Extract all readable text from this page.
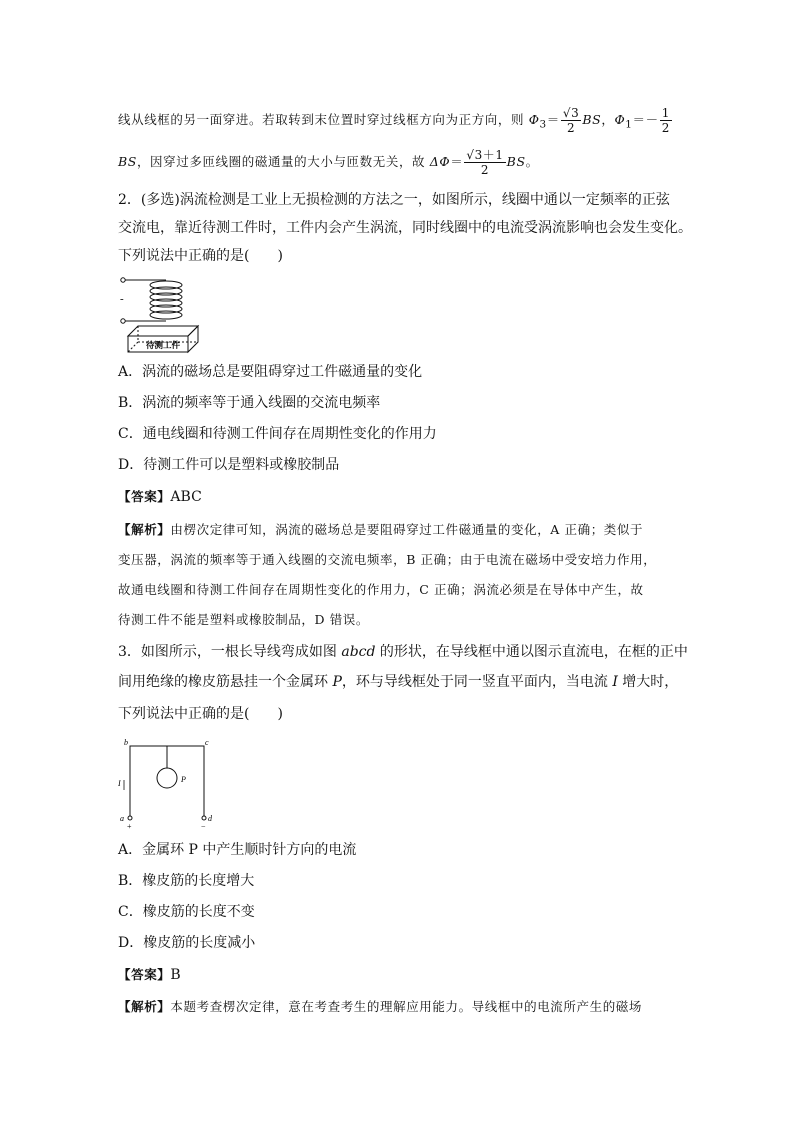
线从线框的另一面穿进。若取转到末位置时穿过线框方向为正方向，则 $\Phi_3= \frac{√3}{2}$ BS，$\Phi_1=- \frac{1}{2}$
BS，因穿过多匝线圈的磁通量的大小与匝数无关，故 $\Delta\Phi= \frac{√3+1}{2}$ BS。
2．(多选)涡流检测是工业上无损检测的方法之一，如图所示，线圈中通以一定频率的正弦
交流电，靠近待测工件时，工件内会产生涡流，同时线圈中的电流受涡流影响也会发生变化。
下列说法中正确的是(　　)
-
待测工件
A．涡流的磁场总是要阻碍穿过工件磁通量的变化
B．涡流的频率等于通入线圈的交流电频率
C．通电线圈和待测工件间存在周期性变化的作用力
D．待测工件可以是塑料或橡胶制品
【答案】ABC
【解析】由楞次定律可知，涡流的磁场总是要阻碍穿过工件磁通量的变化，A 正确；类似于
变压器，涡流的频率等于通入线圈的交流电频率，B 正确；由于电流在磁场中受安培力作用，
故通电线圈和待测工件间存在周期性变化的作用力，C 正确；涡流必须是在导体中产生，故
待测工件不能是塑料或橡胶制品，D 错误。
3．如图所示，一根长导线弯成如图 abcd 的形状，在导线框中通以图示直流电，在框的正中
间用绝缘的橡皮筋悬挂一个金属环 P，环与导线框处于同一竖直平面内，当电流 I 增大时，
下列说法中正确的是(　　)
b	c
P
I
a	d
+	−
A．金属环 P 中产生顺时针方向的电流
B．橡皮筋的长度增大
C．橡皮筋的长度不变
D．橡皮筋的长度减小
【答案】B
【解析】本题考查楞次定律，意在考查考生的理解应用能力。导线框中的电流所产生的磁场
